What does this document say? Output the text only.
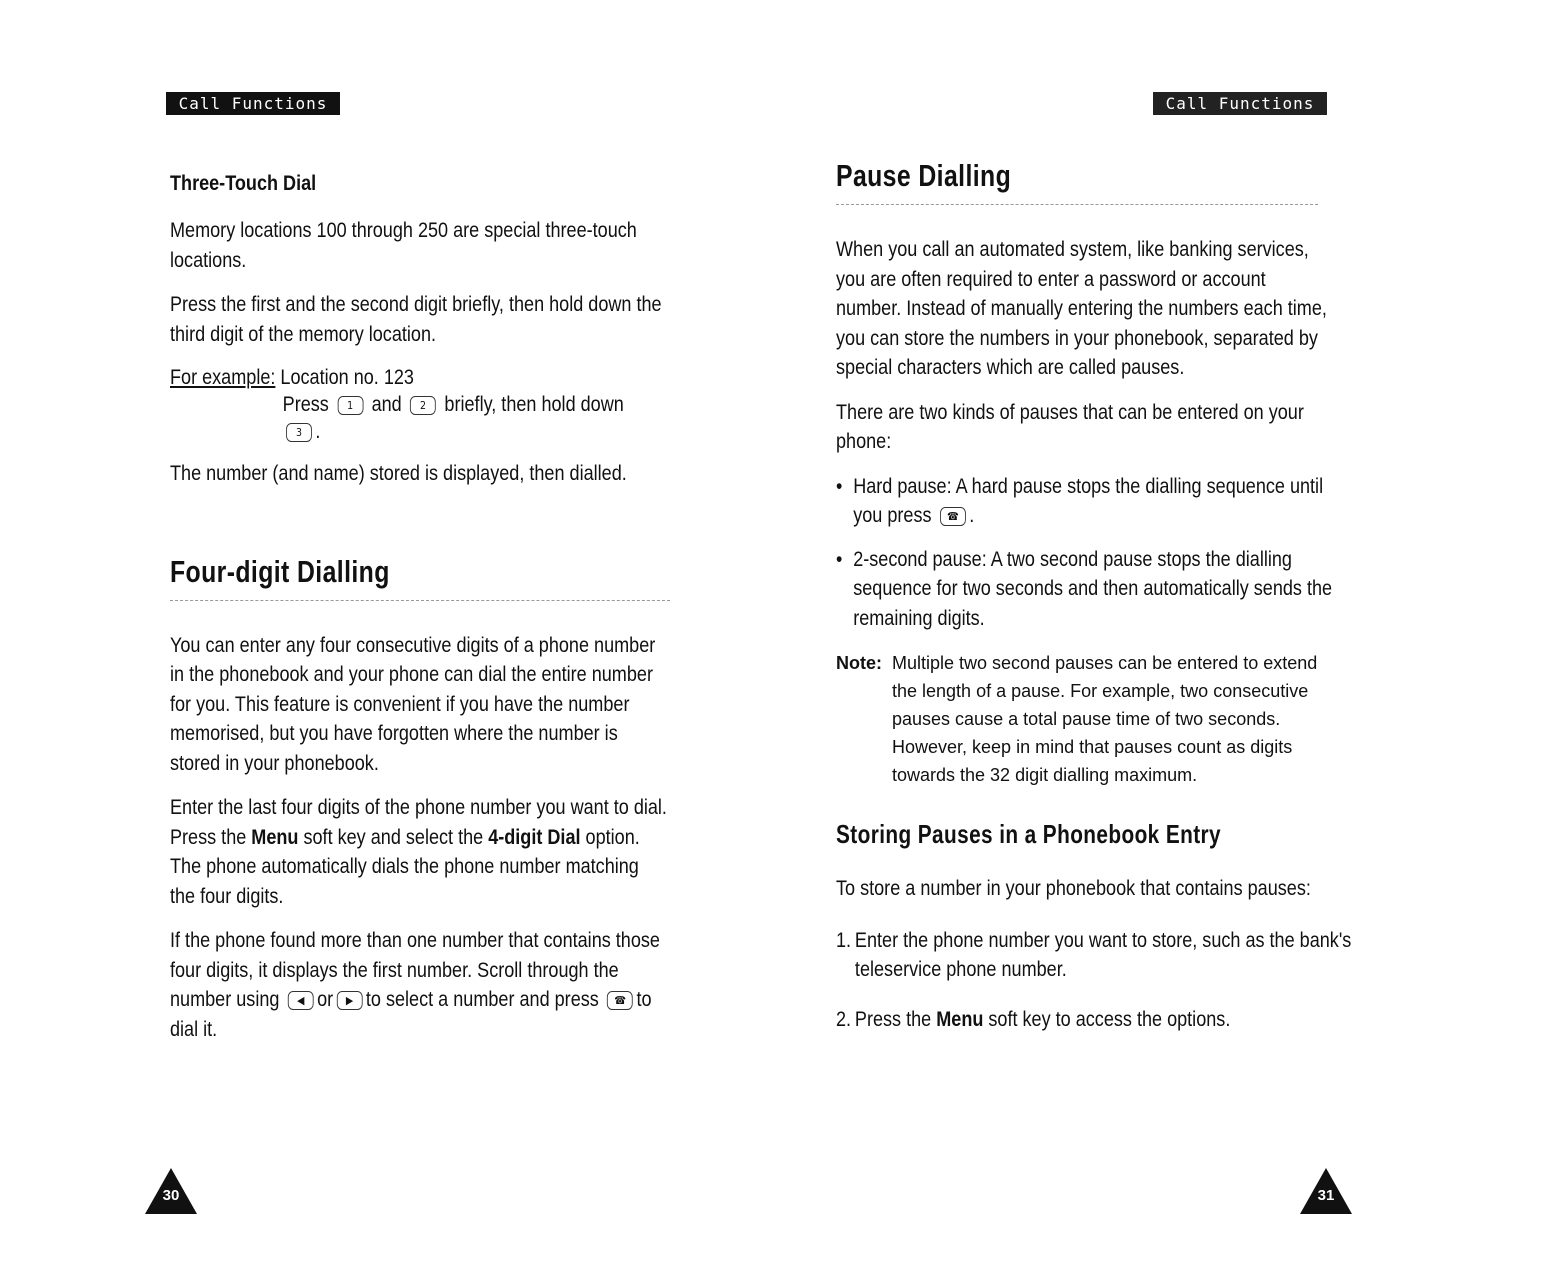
Call Functions
Three-Touch Dial

Memory locations 100 through 250 are special three-touch locations.

Press the first and the second digit briefly, then hold down the third digit of the memory location.

For example: Location no. 123
Press 1 and 2 briefly, then hold down
3 .

The number (and name) stored is displayed, then dialled.

Four-digit Dialling

You can enter any four consecutive digits of a phone number in the phonebook and your phone can dial the entire number for you. This feature is convenient if you have the number memorised, but you have forgotten where the number is stored in your phonebook.

Enter the last four digits of the phone number you want to dial. Press the Menu soft key and select the 4-digit Dial option. The phone automatically dials the phone number matching the four digits.

If the phone found more than one number that contains those four digits, it displays the first number. Scroll through the number using ◀ or ▶ to select a number and press ☎ to dial it.

30
Call Functions
Pause Dialling

When you call an automated system, like banking services, you are often required to enter a password or account number. Instead of manually entering the numbers each time, you can store the numbers in your phonebook, separated by special characters which are called pauses.

There are two kinds of pauses that can be entered on your phone:

• Hard pause: A hard pause stops the dialling sequence until you press ☎ .
• 2-second pause: A two second pause stops the dialling sequence for two seconds and then automatically sends the remaining digits.
Note: Multiple two second pauses can be entered to extend the length of a pause. For example, two consecutive pauses cause a total pause time of two seconds. However, keep in mind that pauses count as digits towards the 32 digit dialling maximum.
Storing Pauses in a Phonebook Entry

To store a number in your phonebook that contains pauses:

1. Enter the phone number you want to store, such as the bank's teleservice phone number.
2. Press the Menu soft key to access the options.
31
